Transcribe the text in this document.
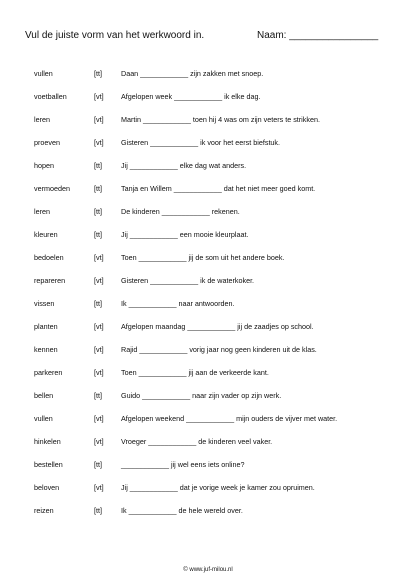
Vul de juiste vorm van het werkwoord in.	Naam: ________________
vullen	[tt]	Daan ____________ zijn zakken met snoep.
voetballen	[vt] Afgelopen week ____________ ik elke dag.
leren	[vt] Martin ____________ toen hij 4 was om zijn veters te strikken.
proeven	[vt] Gisteren ____________ ik voor het eerst biefstuk.
hopen	[tt]	Jij ____________ elke dag wat anders.
vermoeden	[tt]	Tanja en Willem ____________ dat het niet meer goed komt.
leren	[tt]	De kinderen ____________ rekenen.
kleuren	[tt]	Jij ____________ een mooie kleurplaat.
bedoelen	[vt] Toen ____________ jij de som uit het andere boek.
repareren	[vt] Gisteren ____________ ik de waterkoker.
vissen	[tt]	Ik ____________ naar antwoorden.
planten	[vt] Afgelopen maandag ____________ jij de zaadjes op school.
kennen	[vt] Rajid ____________ vorig jaar nog geen kinderen uit de klas.
parkeren	[vt] Toen ____________ jij aan de verkeerde kant.
bellen	[tt]	Guido ____________ naar zijn vader op zijn werk.
vullen	[vt] Afgelopen weekend ____________ mijn ouders de vijver met water.
hinkelen	[vt] Vroeger ____________ de kinderen veel vaker.
bestellen	[tt]	____________ jij wel eens iets online?
beloven	[vt] Jij ____________ dat je vorige week je kamer zou opruimen.
reizen	[tt]	Ik ____________ de hele wereld over.
© www.juf-milou.nl
